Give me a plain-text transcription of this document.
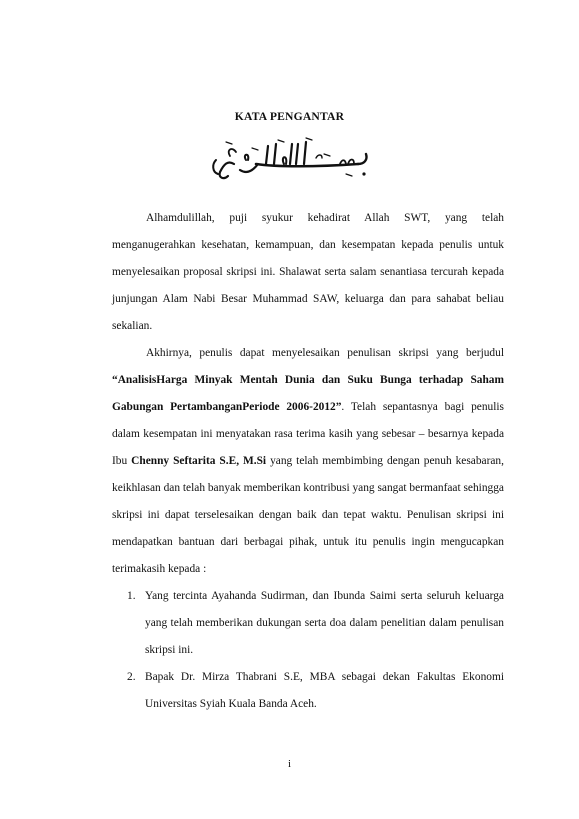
KATA PENGANTAR

Alhamdulillah, puji syukur kehadirat Allah SWT, yang telah menganugerahkan kesehatan, kemampuan, dan kesempatan kepada penulis untuk menyelesaikan proposal skripsi ini. Shalawat serta salam senantiasa tercurah kepada junjungan Alam Nabi Besar Muhammad SAW, keluarga dan para sahabat beliau sekalian.

Akhirnya, penulis dapat menyelesaikan penulisan skripsi yang berjudul “AnalisisHarga Minyak Mentah Dunia dan Suku Bunga terhadap Saham Gabungan PertambanganPeriode 2006-2012”. Telah sepantasnya bagi penulis dalam kesempatan ini menyatakan rasa terima kasih yang sebesar – besarnya kepada Ibu Chenny Seftarita S.E, M.Si yang telah membimbing dengan penuh kesabaran, keikhlasan dan telah banyak memberikan kontribusi yang sangat bermanfaat sehingga skripsi ini dapat terselesaikan dengan baik dan tepat waktu. Penulisan skripsi ini mendapatkan bantuan dari berbagai pihak, untuk itu penulis ingin mengucapkan terimakasih kepada :

1. Yang tercinta Ayahanda Sudirman, dan Ibunda Saimi serta seluruh keluarga yang telah memberikan dukungan serta doa dalam penelitian dalam penulisan skripsi ini.
2. Bapak Dr. Mirza Thabrani S.E, MBA sebagai dekan Fakultas Ekonomi Universitas Syiah Kuala Banda Aceh.
i
